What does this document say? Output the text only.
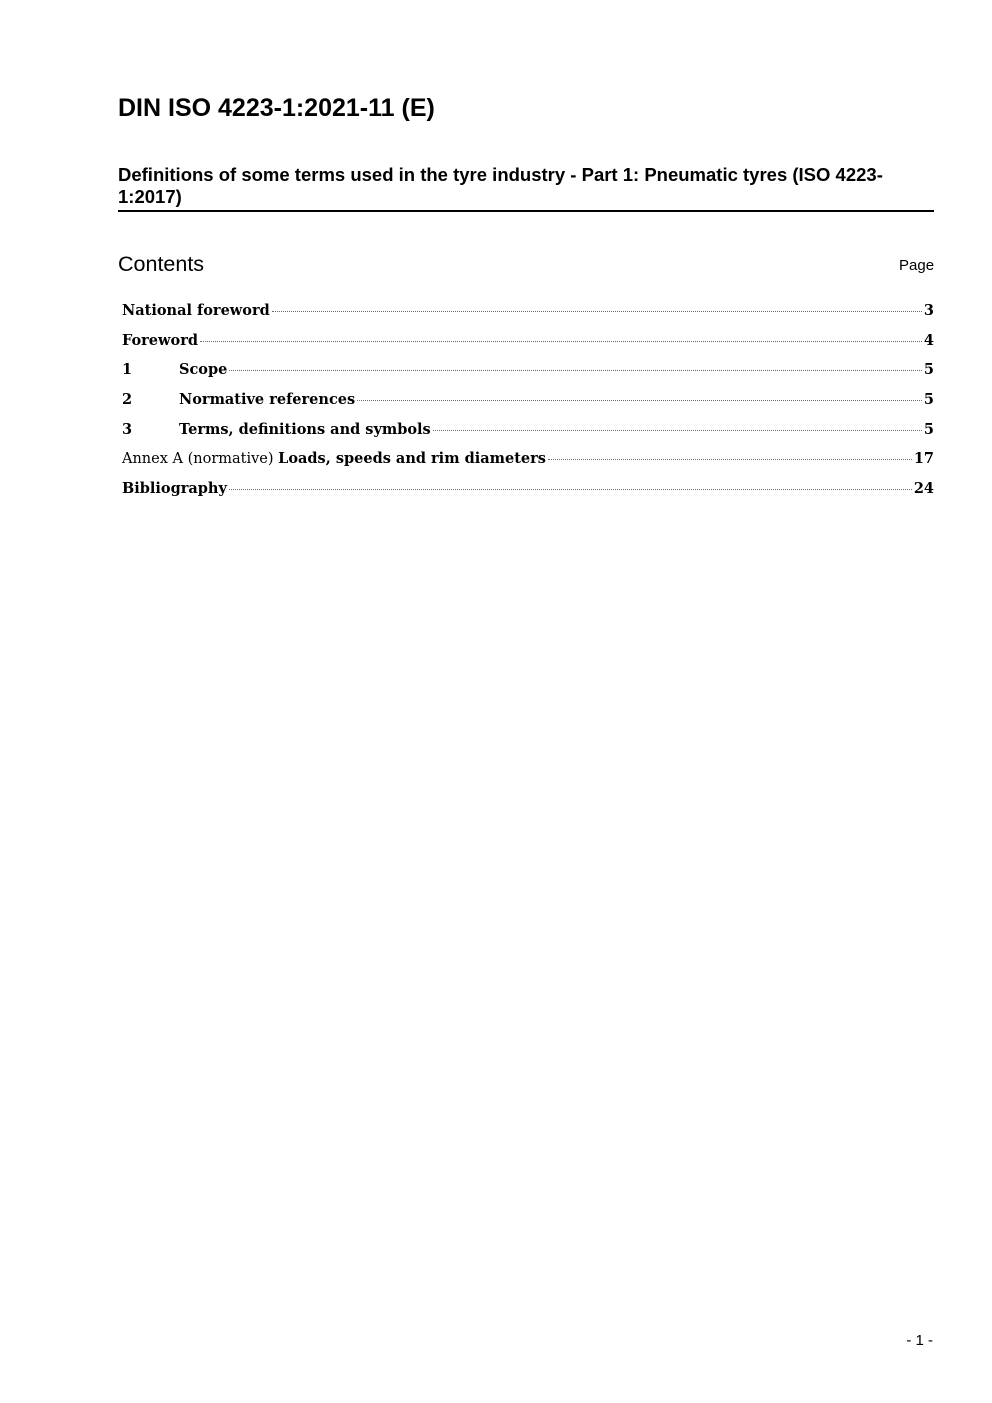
DIN ISO 4223-1:2021-11 (E)
Definitions of some terms used in the tyre industry - Part 1: Pneumatic tyres (ISO 4223-1:2017)
Contents	Page
National foreword	3
Foreword	4
1	Scope	5
2	Normative references	5
3	Terms, definitions and symbols	5
Annex A (normative) Loads, speeds and rim diameters	17
Bibliography	24
- 1 -
